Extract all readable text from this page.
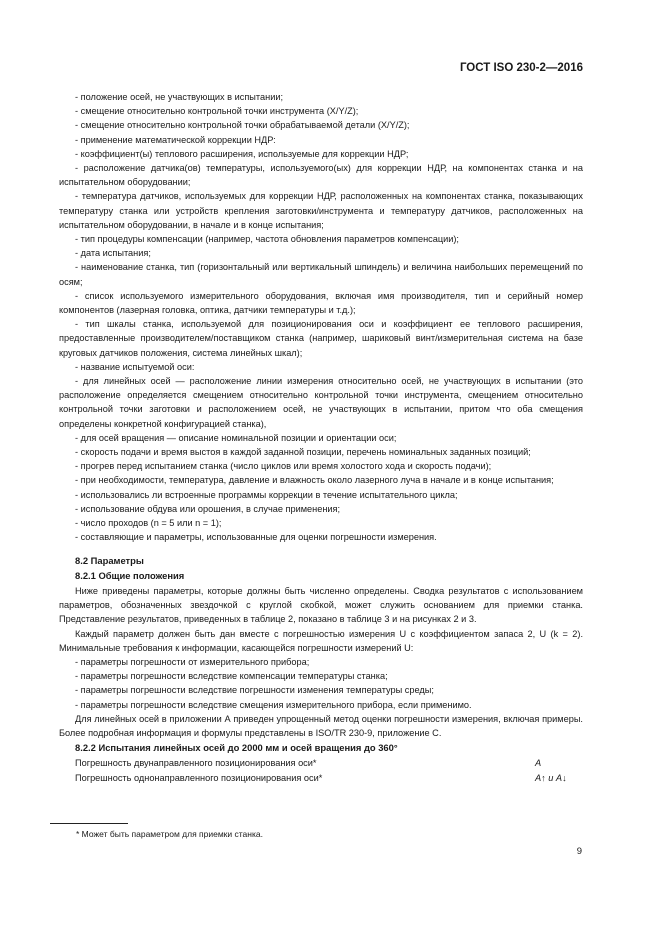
ГОСТ ISO 230-2—2016

- положение осей, не участвующих в испытании;

- смещение относительно контрольной точки инструмента (X/Y/Z);

- смещение относительно контрольной точки обрабатываемой детали (X/Y/Z);

- применение математической коррекции НДР:

- коэффициент(ы) теплового расширения, используемые для коррекции НДР;

- расположение датчика(ов) температуры, используемого(ых) для коррекции НДР, на компонентах станка и на испытательном оборудовании;

- температура датчиков, используемых для коррекции НДР, расположенных на компонентах станка, показывающих температуру станка или устройств крепления заготовки/инструмента и температуру датчиков, расположенных на испытательном оборудовании, в начале и в конце испытания;

- тип процедуры компенсации (например, частота обновления параметров компенсации);

- дата испытания;

- наименование станка, тип (горизонтальный или вертикальный шпиндель) и величина наибольших перемещений по осям;

- список используемого измерительного оборудования, включая имя производителя, тип и серийный номер компонентов (лазерная головка, оптика, датчики температуры и т.д.);

- тип шкалы станка, используемой для позиционирования оси и коэффициент ее теплового расширения, предоставленные производителем/поставщиком станка (например, шариковый винт/измерительная система на базе круговых датчиков положения, система линейных шкал);

- название испытуемой оси:

- для линейных осей — расположение линии измерения относительно осей, не участвующих в испытании (это расположение определяется смещением относительно контрольной точки инструмента, смещением относительно контрольной точки заготовки и расположением осей, не участвующих в испытании, притом что оба смещения определены конкретной конфигурацией станка),

- для осей вращения — описание номинальной позиции и ориентации оси;

- скорость подачи и время выстоя в каждой заданной позиции, перечень номинальных заданных позиций;

- прогрев перед испытанием станка (число циклов или время холостого хода и скорость подачи);

- при необходимости, температура, давление и влажность около лазерного луча в начале и в конце испытания;

- использовались ли встроенные программы коррекции в течение испытательного цикла;

- использование обдува или орошения, в случае применения;

- число проходов (n = 5 или n = 1);

- составляющие и параметры, использованные для оценки погрешности измерения.

8.2 Параметры

8.2.1 Общие положения

Ниже приведены параметры, которые должны быть численно определены. Сводка результатов с использованием параметров, обозначенных звездочкой с круглой скобкой, может служить основанием для приемки станка. Представление результатов, приведенных в таблице 2, показано в таблице 3 и на рисунках 2 и 3.

Каждый параметр должен быть дан вместе с погрешностью измерения U с коэффициентом запаса 2, U (k = 2). Минимальные требования к информации, касающейся погрешности измерений U:

- параметры погрешности от измерительного прибора;

- параметры погрешности вследствие компенсации температуры станка;

- параметры погрешности вследствие погрешности изменения температуры среды;

- параметры погрешности вследствие смещения измерительного прибора, если применимо.

Для линейных осей в приложении А приведен упрощенный метод оценки погрешности измерения, включая примеры. Более подробная информация и формулы представлены в ISO/TR 230-9, приложение С.

8.2.2 Испытания линейных осей до 2000 мм и осей вращения до 360°

Погрешность двунаправленного позиционирования оси*	A
Погрешность однонаправленного позиционирования оси*	A↑ и A↓
* Может быть параметром для приемки станка.
9
